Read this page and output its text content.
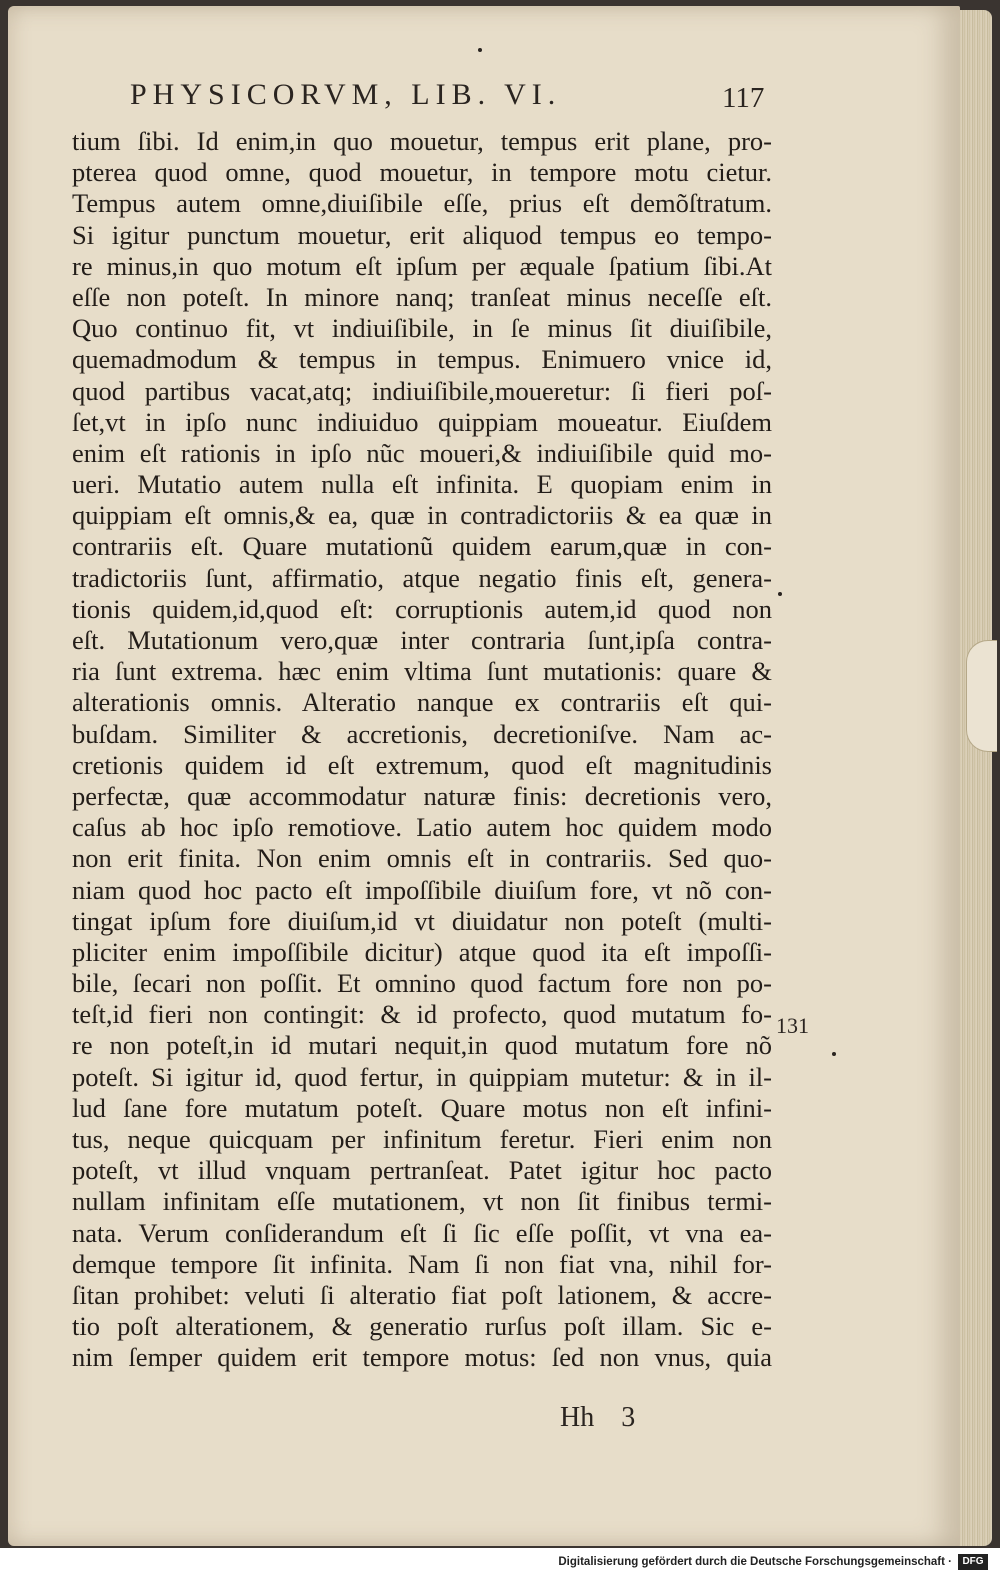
PHYSICORVM, LIB. VI.	117
tium ſibi. Id enim,in quo mouetur, tempus erit plane, pro-
pterea quod omne, quod mouetur, in tempore motu cietur.
Tempus autem omne,diuiſibile eſſe, prius eſt demõſtratum.
Si igitur punctum mouetur, erit aliquod tempus eo tempo-
re minus,in quo motum eſt ipſum per æquale ſpatium ſibi.At
eſſe non poteſt. In minore nanq; tranſeat minus neceſſe eſt.
Quo continuo fit, vt indiuiſibile, in ſe minus ſit diuiſibile,
quemadmodum & tempus in tempus. Enimuero vnice id,
quod partibus vacat,atq; indiuiſibile,moueretur: ſi fieri poſ-
ſet,vt in ipſo nunc indiuiduo quippiam moueatur. Eiuſdem
enim eſt rationis in ipſo nũc moueri,& indiuiſibile quid mo-
ueri. Mutatio autem nulla eſt infinita. E quopiam enim in
quippiam eſt omnis,& ea, quæ in contradictoriis & ea quæ in
contrariis eſt. Quare mutationũ quidem earum,quæ in con-
tradictoriis ſunt, affirmatio, atque negatio finis eſt, genera-
tionis quidem,id,quod eſt: corruptionis autem,id quod non
eſt. Mutationum vero,quæ inter contraria ſunt,ipſa contra-
ria ſunt extrema. hæc enim vltima ſunt mutationis: quare &
alterationis omnis. Alteratio nanque ex contrariis eſt qui-
buſdam. Similiter & accretionis, decretioniſve. Nam ac-
cretionis quidem id eſt extremum, quod eſt magnitudinis
perfectæ, quæ accommodatur naturæ finis: decretionis vero,
caſus ab hoc ipſo remotiove. Latio autem hoc quidem modo
non erit finita. Non enim omnis eſt in contrariis. Sed quo-
niam quod hoc pacto eſt impoſſibile diuiſum fore, vt nõ con-
tingat ipſum fore diuiſum,id vt diuidatur non poteſt (multi-
pliciter enim impoſſibile dicitur) atque quod ita eſt impoſſi-
bile, ſecari non poſſit. Et omnino quod factum fore non po-
teſt,id fieri non contingit: & id profecto, quod mutatum fo-
re non poteſt,in id mutari nequit,in quod mutatum fore nõ
poteſt. Si igitur id, quod fertur, in quippiam mutetur: & in il-
lud ſane fore mutatum poteſt. Quare motus non eſt infini-
tus, neque quicquam per infinitum feretur. Fieri enim non
poteſt, vt illud vnquam pertranſeat. Patet igitur hoc pacto
nullam infinitam eſſe mutationem, vt non ſit finibus termi-
nata. Verum conſiderandum eſt ſi ſic eſſe poſſit, vt vna ea-
demque tempore ſit infinita. Nam ſi non fiat vna, nihil for-
ſitan prohibet: veluti ſi alteratio fiat poſt lationem, & accre-
tio poſt alterationem, & generatio rurſus poſt illam. Sic e-
nim ſemper quidem erit tempore motus: ſed non vnus, quia
131
Hh 3
Digitalisierung gefördert durch die Deutsche Forschungsgemeinschaft ·	DFG
